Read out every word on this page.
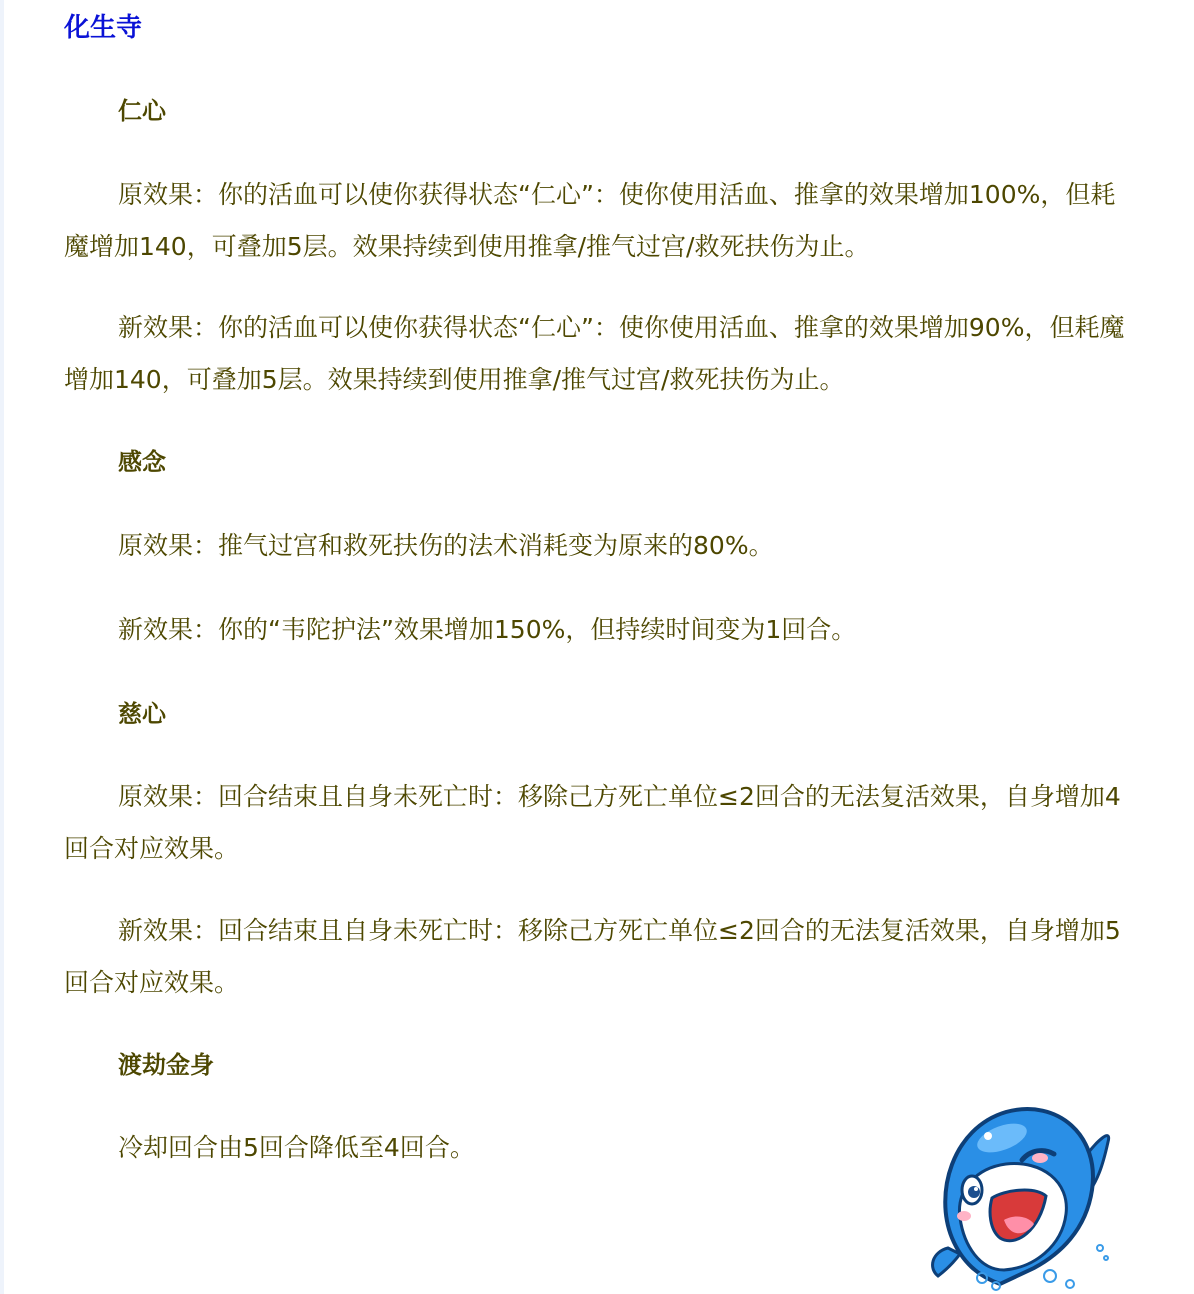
化生寺
仁心

原效果：你的活血可以使你获得状态“仁心”：使你使用活血、推拿的效果增加100%，但耗魔增加140，可叠加5层。效果持续到使用推拿/推气过宫/救死扶伤为止。

新效果：你的活血可以使你获得状态“仁心”：使你使用活血、推拿的效果增加90%，但耗魔增加140，可叠加5层。效果持续到使用推拿/推气过宫/救死扶伤为止。

感念

原效果：推气过宫和救死扶伤的法术消耗变为原来的80%。

新效果：你的“韦陀护法”效果增加150%，但持续时间变为1回合。

慈心

原效果：回合结束且自身未死亡时：移除己方死亡单位≤2回合的无法复活效果，自身增加4回合对应效果。

新效果：回合结束且自身未死亡时：移除己方死亡单位≤2回合的无法复活效果，自身增加5回合对应效果。

渡劫金身

冷却回合由5回合降低至4回合。
